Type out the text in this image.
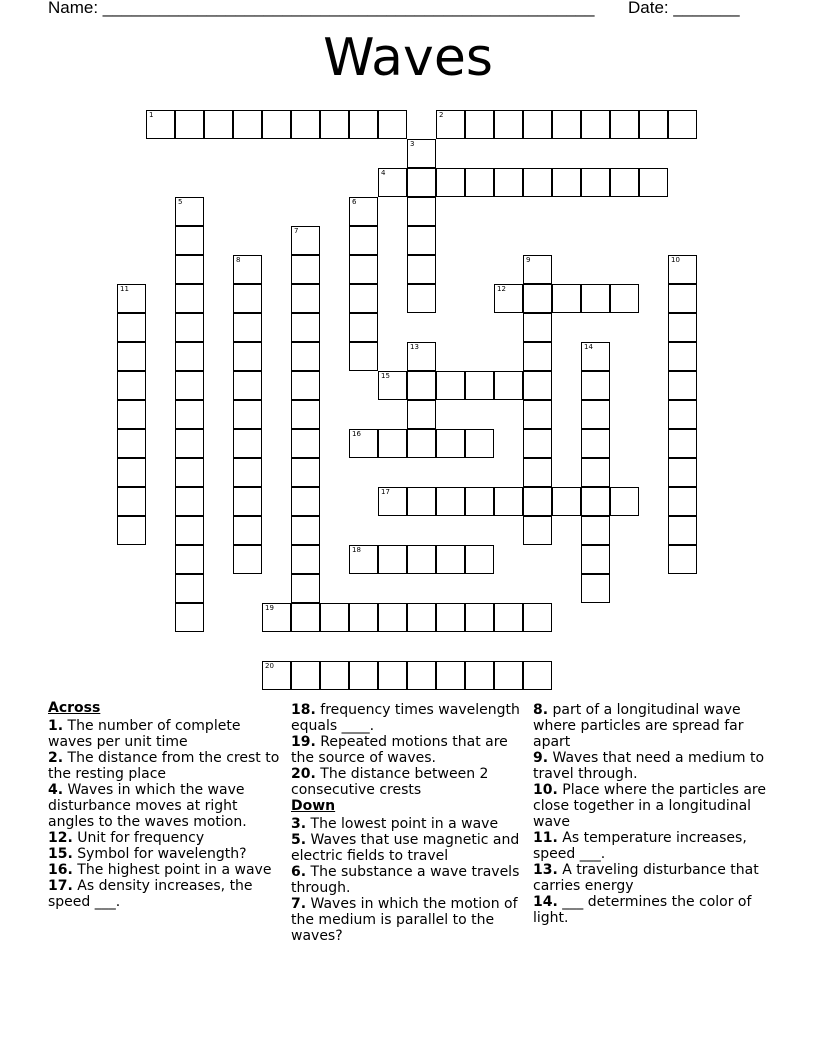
Name: ____________________________________________________ Date: _______
Waves
1	2
3
4
5	6
7
8	9	10
11	12
13	14
15
16
17
18
19
20
Across
1. The number of complete waves per unit time
2. The distance from the crest to the resting place
4. Waves in which the wave disturbance moves at right angles to the waves motion.
12. Unit for frequency
15. Symbol for wavelength?
16. The highest point in a wave
17. As density increases, the speed ___.
18. frequency times wavelength equals ____.
19. Repeated motions that are the source of waves.
20. The distance between 2 consecutive crests
Down
3. The lowest point in a wave
5. Waves that use magnetic and electric fields to travel
6. The substance a wave travels through.
7. Waves in which the motion of the medium is parallel to the waves?
8. part of a longitudinal wave where particles are spread far apart
9. Waves that need a medium to travel through.
10. Place where the particles are close together in a longitudinal wave
11. As temperature increases, speed ___.
13. A traveling disturbance that carries energy
14. ___ determines the color of light.
